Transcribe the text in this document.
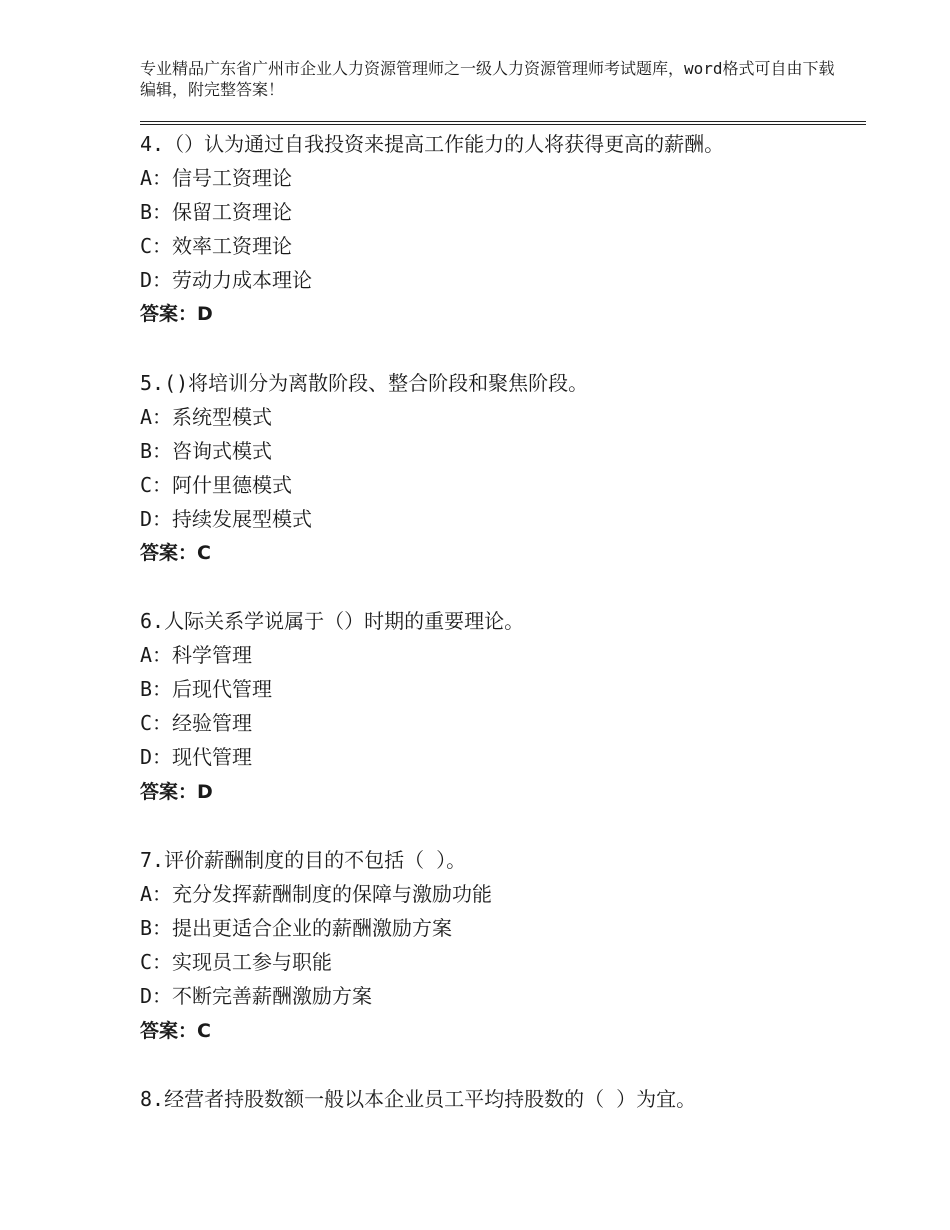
专业精品广东省广州市企业人力资源管理师之一级人力资源管理师考试题库，word格式可自由下载编辑，附完整答案！
4.（）认为通过自我投资来提高工作能力的人将获得更高的薪酬。
A：信号工资理论
B：保留工资理论
C：效率工资理论
D：劳动力成本理论
答案：D
5.()将培训分为离散阶段、整合阶段和聚焦阶段。
A：系统型模式
B：咨询式模式
C：阿什里德模式
D：持续发展型模式
答案：C
6.人际关系学说属于（）时期的重要理论。
A：科学管理
B：后现代管理
C：经验管理
D：现代管理
答案：D
7.评价薪酬制度的目的不包括（ ）。
A：充分发挥薪酬制度的保障与激励功能
B：提出更适合企业的薪酬激励方案
C：实现员工参与职能
D：不断完善薪酬激励方案
答案：C
8.经营者持股数额一般以本企业员工平均持股数的（ ）为宜。
